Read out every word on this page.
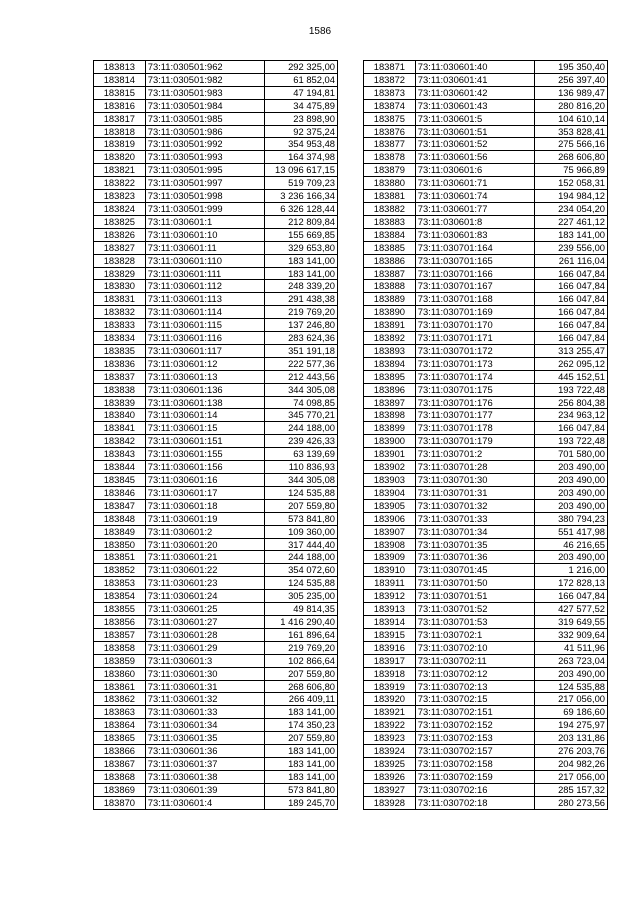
1586
183813	73:11:030501:962	292 325,00
183814	73:11:030501:982	61 852,04
183815	73:11:030501:983	47 194,81
183816	73:11:030501:984	34 475,89
183817	73:11:030501:985	23 898,90
183818	73:11:030501:986	92 375,24
183819	73:11:030501:992	354 953,48
183820	73:11:030501:993	164 374,98
183821	73:11:030501:995	13 096 617,15
183822	73:11:030501:997	519 709,23
183823	73:11:030501:998	3 236 166,34
183824	73:11:030501:999	6 326 128,44
183825	73:11:030601:1	212 809,84
183826	73:11:030601:10	155 669,85
183827	73:11:030601:11	329 653,80
183828	73:11:030601:110	183 141,00
183829	73:11:030601:111	183 141,00
183830	73:11:030601:112	248 339,20
183831	73:11:030601:113	291 438,38
183832	73:11:030601:114	219 769,20
183833	73:11:030601:115	137 246,80
183834	73:11:030601:116	283 624,36
183835	73:11:030601:117	351 191,18
183836	73:11:030601:12	222 577,36
183837	73:11:030601:13	212 443,56
183838	73:11:030601:136	344 305,08
183839	73:11:030601:138	74 098,85
183840	73:11:030601:14	345 770,21
183841	73:11:030601:15	244 188,00
183842	73:11:030601:151	239 426,33
183843	73:11:030601:155	63 139,69
183844	73:11:030601:156	110 836,93
183845	73:11:030601:16	344 305,08
183846	73:11:030601:17	124 535,88
183847	73:11:030601:18	207 559,80
183848	73:11:030601:19	573 841,80
183849	73:11:030601:2	109 360,00
183850	73:11:030601:20	317 444,40
183851	73:11:030601:21	244 188,00
183852	73:11:030601:22	354 072,60
183853	73:11:030601:23	124 535,88
183854	73:11:030601:24	305 235,00
183855	73:11:030601:25	49 814,35
183856	73:11:030601:27	1 416 290,40
183857	73:11:030601:28	161 896,64
183858	73:11:030601:29	219 769,20
183859	73:11:030601:3	102 866,64
183860	73:11:030601:30	207 559,80
183861	73:11:030601:31	268 606,80
183862	73:11:030601:32	266 409,11
183863	73:11:030601:33	183 141,00
183864	73:11:030601:34	174 350,23
183865	73:11:030601:35	207 559,80
183866	73:11:030601:36	183 141,00
183867	73:11:030601:37	183 141,00
183868	73:11:030601:38	183 141,00
183869	73:11:030601:39	573 841,80
183870	73:11:030601:4	189 245,70
183871	73:11:030601:40	195 350,40
183872	73:11:030601:41	256 397,40
183873	73:11:030601:42	136 989,47
183874	73:11:030601:43	280 816,20
183875	73:11:030601:5	104 610,14
183876	73:11:030601:51	353 828,41
183877	73:11:030601:52	275 566,16
183878	73:11:030601:56	268 606,80
183879	73:11:030601:6	75 966,89
183880	73:11:030601:71	152 058,31
183881	73:11:030601:74	194 984,12
183882	73:11:030601:77	234 054,20
183883	73:11:030601:8	227 461,12
183884	73:11:030601:83	183 141,00
183885	73:11:030701:164	239 556,00
183886	73:11:030701:165	261 116,04
183887	73:11:030701:166	166 047,84
183888	73:11:030701:167	166 047,84
183889	73:11:030701:168	166 047,84
183890	73:11:030701:169	166 047,84
183891	73:11:030701:170	166 047,84
183892	73:11:030701:171	166 047,84
183893	73:11:030701:172	313 255,47
183894	73:11:030701:173	262 095,12
183895	73:11:030701:174	445 152,51
183896	73:11:030701:175	193 722,48
183897	73:11:030701:176	256 804,38
183898	73:11:030701:177	234 963,12
183899	73:11:030701:178	166 047,84
183900	73:11:030701:179	193 722,48
183901	73:11:030701:2	701 580,00
183902	73:11:030701:28	203 490,00
183903	73:11:030701:30	203 490,00
183904	73:11:030701:31	203 490,00
183905	73:11:030701:32	203 490,00
183906	73:11:030701:33	380 794,23
183907	73:11:030701:34	551 417,98
183908	73:11:030701:35	46 216,65
183909	73:11:030701:36	203 490,00
183910	73:11:030701:45	1 216,00
183911	73:11:030701:50	172 828,13
183912	73:11:030701:51	166 047,84
183913	73:11:030701:52	427 577,52
183914	73:11:030701:53	319 649,55
183915	73:11:030702:1	332 909,64
183916	73:11:030702:10	41 511,96
183917	73:11:030702:11	263 723,04
183918	73:11:030702:12	203 490,00
183919	73:11:030702:13	124 535,88
183920	73:11:030702:15	217 056,00
183921	73:11:030702:151	69 186,60
183922	73:11:030702:152	194 275,97
183923	73:11:030702:153	203 131,86
183924	73:11:030702:157	276 203,76
183925	73:11:030702:158	204 982,26
183926	73:11:030702:159	217 056,00
183927	73:11:030702:16	285 157,32
183928	73:11:030702:18	280 273,56
